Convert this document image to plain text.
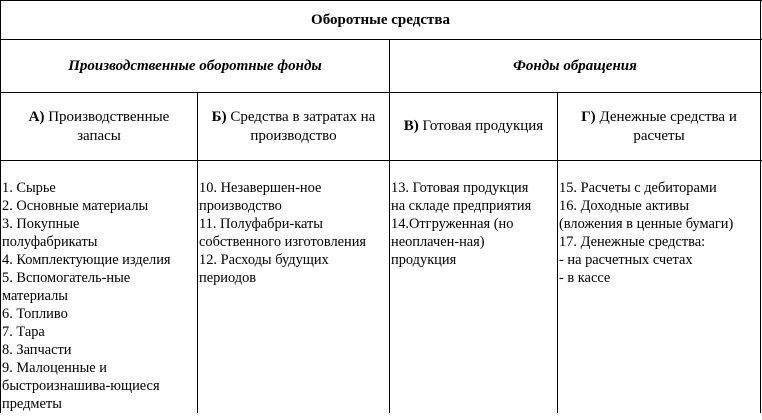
Оборотные средства
Производственные оборотные фонды	Фонды обращения
А) Производственные
запасы
Б) Средства в затратах на
производство
В) Готовая продукция
Г) Денежные средства и
расчеты
1. Сырье
2. Основные материалы
3. Покупные
полуфабрикаты
4. Комплектующие изделия
5. Вспомогатель-ные
материалы
6. Топливо
7. Тара
8. Запчасти
9. Малоценные и
быстроизнашива-ющиеся
предметы
10. Незавершен-ное
производство
11. Полуфабри-каты
собственного изготовления
12. Расходы будущих
периодов
13. Готовая продукция
на складе предприятия
14.Отгруженная (но
неоплачен-ная)
продукция
15. Расчеты с дебиторами
16. Доходные активы
(вложения в ценные бумаги)
17. Денежные средства:
- на расчетных счетах
- в кассе
